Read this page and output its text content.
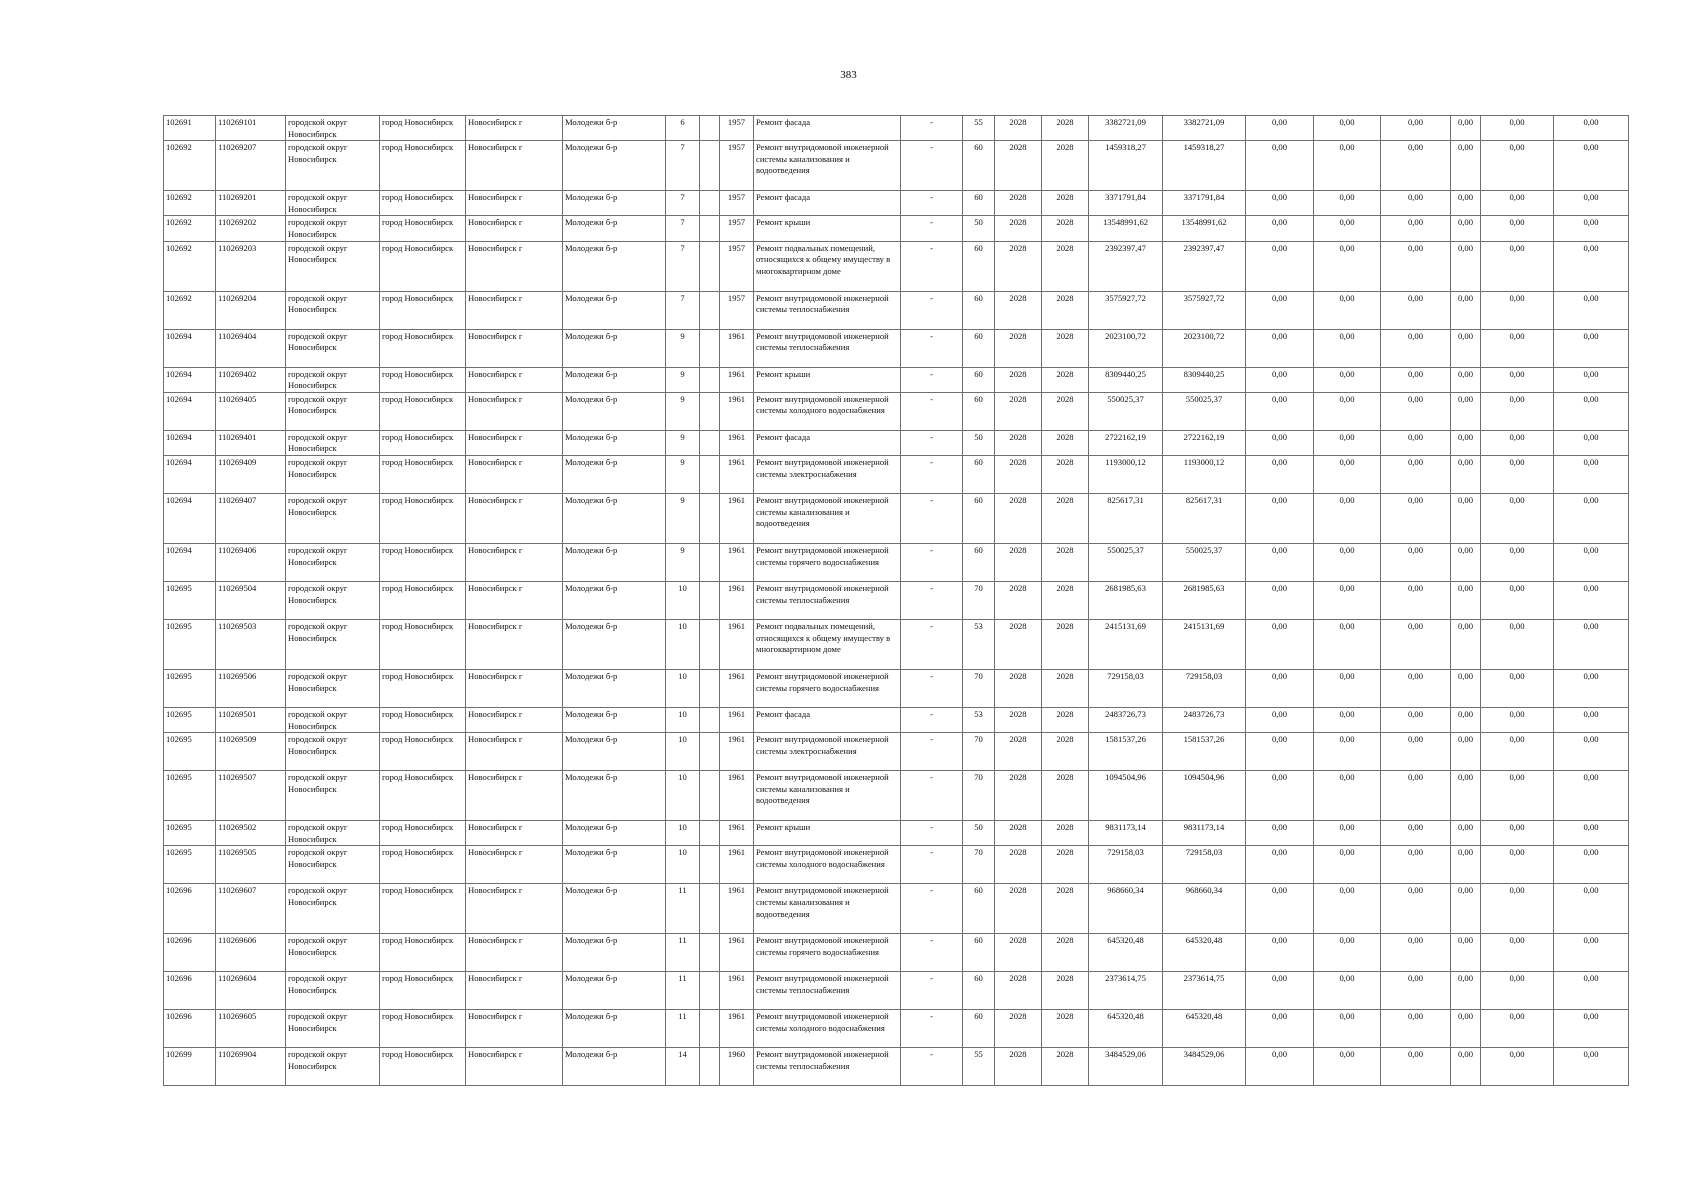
383
102691	110269101	городской округ Новосибирск	город Новосибирск	Новосибирск г	Молодежи б-р	6		1957	Ремонт фасада	-	55	2028	2028	3382721,09	3382721,09	0,00	0,00	0,00	0,00	0,00	0,00
102692	110269207	городской округ Новосибирск	город Новосибирск	Новосибирск г	Молодежи б-р	7		1957	Ремонт внутридомовой инженерной системы канализования и водоотведения	-	60	2028	2028	1459318,27	1459318,27	0,00	0,00	0,00	0,00	0,00	0,00
102692	110269201	городской округ Новосибирск	город Новосибирск	Новосибирск г	Молодежи б-р	7		1957	Ремонт фасада	-	60	2028	2028	3371791,84	3371791,84	0,00	0,00	0,00	0,00	0,00	0,00
102692	110269202	городской округ Новосибирск	город Новосибирск	Новосибирск г	Молодежи б-р	7		1957	Ремонт крыши	-	50	2028	2028	13548991,62	13548991,62	0,00	0,00	0,00	0,00	0,00	0,00
102692	110269203	городской округ Новосибирск	город Новосибирск	Новосибирск г	Молодежи б-р	7		1957	Ремонт подвальных помещений, относящихся к общему имуществу в многоквартирном доме	-	60	2028	2028	2392397,47	2392397,47	0,00	0,00	0,00	0,00	0,00	0,00
102692	110269204	городской округ Новосибирск	город Новосибирск	Новосибирск г	Молодежи б-р	7		1957	Ремонт внутридомовой инженерной системы теплоснабжения	-	60	2028	2028	3575927,72	3575927,72	0,00	0,00	0,00	0,00	0,00	0,00
102694	110269404	городской округ Новосибирск	город Новосибирск	Новосибирск г	Молодежи б-р	9		1961	Ремонт внутридомовой инженерной системы теплоснабжения	-	60	2028	2028	2023100,72	2023100,72	0,00	0,00	0,00	0,00	0,00	0,00
102694	110269402	городской округ Новосибирск	город Новосибирск	Новосибирск г	Молодежи б-р	9		1961	Ремонт крыши	-	60	2028	2028	8309440,25	8309440,25	0,00	0,00	0,00	0,00	0,00	0,00
102694	110269405	городской округ Новосибирск	город Новосибирск	Новосибирск г	Молодежи б-р	9		1961	Ремонт внутридомовой инженерной системы холодного водоснабжения	-	60	2028	2028	550025,37	550025,37	0,00	0,00	0,00	0,00	0,00	0,00
102694	110269401	городской округ Новосибирск	город Новосибирск	Новосибирск г	Молодежи б-р	9		1961	Ремонт фасада	-	50	2028	2028	2722162,19	2722162,19	0,00	0,00	0,00	0,00	0,00	0,00
102694	110269409	городской округ Новосибирск	город Новосибирск	Новосибирск г	Молодежи б-р	9		1961	Ремонт внутридомовой инженерной системы электроснабжения	-	60	2028	2028	1193000,12	1193000,12	0,00	0,00	0,00	0,00	0,00	0,00
102694	110269407	городской округ Новосибирск	город Новосибирск	Новосибирск г	Молодежи б-р	9		1961	Ремонт внутридомовой инженерной системы канализования и водоотведения	-	60	2028	2028	825617,31	825617,31	0,00	0,00	0,00	0,00	0,00	0,00
102694	110269406	городской округ Новосибирск	город Новосибирск	Новосибирск г	Молодежи б-р	9		1961	Ремонт внутридомовой инженерной системы горячего водоснабжения	-	60	2028	2028	550025,37	550025,37	0,00	0,00	0,00	0,00	0,00	0,00
102695	110269504	городской округ Новосибирск	город Новосибирск	Новосибирск г	Молодежи б-р	10		1961	Ремонт внутридомовой инженерной системы теплоснабжения	-	70	2028	2028	2681985,63	2681985,63	0,00	0,00	0,00	0,00	0,00	0,00
102695	110269503	городской округ Новосибирск	город Новосибирск	Новосибирск г	Молодежи б-р	10		1961	Ремонт подвальных помещений, относящихся к общему имуществу в многоквартирном доме	-	53	2028	2028	2415131,69	2415131,69	0,00	0,00	0,00	0,00	0,00	0,00
102695	110269506	городской округ Новосибирск	город Новосибирск	Новосибирск г	Молодежи б-р	10		1961	Ремонт внутридомовой инженерной системы горячего водоснабжения	-	70	2028	2028	729158,03	729158,03	0,00	0,00	0,00	0,00	0,00	0,00
102695	110269501	городской округ Новосибирск	город Новосибирск	Новосибирск г	Молодежи б-р	10		1961	Ремонт фасада	-	53	2028	2028	2483726,73	2483726,73	0,00	0,00	0,00	0,00	0,00	0,00
102695	110269509	городской округ Новосибирск	город Новосибирск	Новосибирск г	Молодежи б-р	10		1961	Ремонт внутридомовой инженерной системы электроснабжения	-	70	2028	2028	1581537,26	1581537,26	0,00	0,00	0,00	0,00	0,00	0,00
102695	110269507	городской округ Новосибирск	город Новосибирск	Новосибирск г	Молодежи б-р	10		1961	Ремонт внутридомовой инженерной системы канализования и водоотведения	-	70	2028	2028	1094504,96	1094504,96	0,00	0,00	0,00	0,00	0,00	0,00
102695	110269502	городской округ Новосибирск	город Новосибирск	Новосибирск г	Молодежи б-р	10		1961	Ремонт крыши	-	50	2028	2028	9831173,14	9831173,14	0,00	0,00	0,00	0,00	0,00	0,00
102695	110269505	городской округ Новосибирск	город Новосибирск	Новосибирск г	Молодежи б-р	10		1961	Ремонт внутридомовой инженерной системы холодного водоснабжения	-	70	2028	2028	729158,03	729158,03	0,00	0,00	0,00	0,00	0,00	0,00
102696	110269607	городской округ Новосибирск	город Новосибирск	Новосибирск г	Молодежи б-р	11		1961	Ремонт внутридомовой инженерной системы канализования и водоотведения	-	60	2028	2028	968660,34	968660,34	0,00	0,00	0,00	0,00	0,00	0,00
102696	110269606	городской округ Новосибирск	город Новосибирск	Новосибирск г	Молодежи б-р	11		1961	Ремонт внутридомовой инженерной системы горячего водоснабжения	-	60	2028	2028	645320,48	645320,48	0,00	0,00	0,00	0,00	0,00	0,00
102696	110269604	городской округ Новосибирск	город Новосибирск	Новосибирск г	Молодежи б-р	11		1961	Ремонт внутридомовой инженерной системы теплоснабжения	-	60	2028	2028	2373614,75	2373614,75	0,00	0,00	0,00	0,00	0,00	0,00
102696	110269605	городской округ Новосибирск	город Новосибирск	Новосибирск г	Молодежи б-р	11		1961	Ремонт внутридомовой инженерной системы холодного водоснабжения	-	60	2028	2028	645320,48	645320,48	0,00	0,00	0,00	0,00	0,00	0,00
102699	110269904	городской округ Новосибирск	город Новосибирск	Новосибирск г	Молодежи б-р	14		1960	Ремонт внутридомовой инженерной системы теплоснабжения	-	55	2028	2028	3484529,06	3484529,06	0,00	0,00	0,00	0,00	0,00	0,00
